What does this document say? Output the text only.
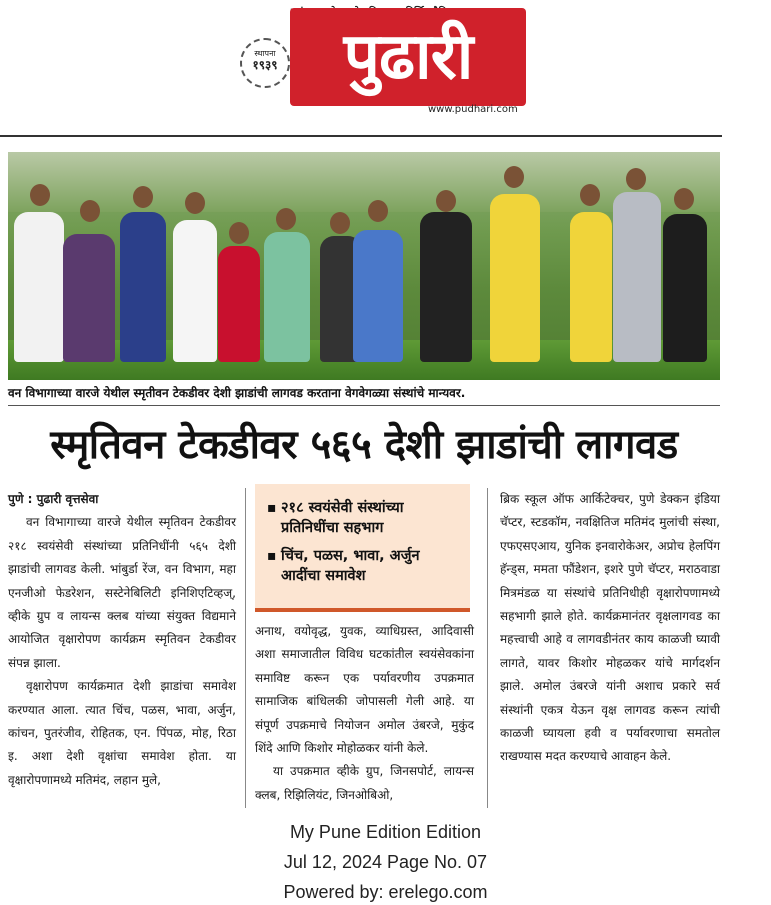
स्थापना
१९३९	पुढारी
www.pudhari.com
वन विभागाच्या वारजे येथील स्मृतीवन टेकडीवर देशी झाडांची लागवड करताना वेगवेगळ्या संस्थांचे मान्यवर.
स्मृतिवन टेकडीवर ५६५ देशी झाडांची लागवड

पुणे : पुढारी वृत्तसेवा

वन विभागाच्या वारजे येथील स्मृतिवन टेकडीवर २१८ स्वयंसेवी संस्थांच्या प्रतिनिधींनी ५६५ देशी झाडांची लागवड केली. भांबुर्डा रेंज, वन विभाग, महा एनजीओ फेडरेशन, सस्टेनेबिलिटी इनिशिएटिव्हज्, व्हीके ग्रुप व लायन्स क्लब यांच्या संयुक्त विद्यमाने आयोजित वृक्षारोपण कार्यक्रम स्मृतिवन टेकडीवर संपन्न झाला.

वृक्षारोपण कार्यक्रमात देशी झाडांचा समावेश करण्यात आला. त्यात चिंच, पळस, भावा, अर्जुन, कांचन, पुतरंजीव, रोहितक, एन. पिंपळ, मोह, रिठा इ. अशा देशी वृक्षांचा समावेश होता. या वृक्षारोपणामध्ये मतिमंद, लहान मुले,

▪ २१८ स्वयंसेवी संस्थांच्या प्रतिनिधींचा सहभाग
▪ चिंच, पळस, भावा, अर्जुन आदींचा समावेश

अनाथ, वयोवृद्ध, युवक, व्याधिग्रस्त, आदिवासी अशा समाजातील विविध घटकांतील स्वयंसेवकांना समाविष्ट करून एक पर्यावरणीय उपक्रमात सामाजिक बांधिलकी जोपासली गेली आहे. या संपूर्ण उपक्रमाचे नियोजन अमोल उंबरजे, मुकुंद शिंदे आणि किशोर मोहोळकर यांनी केले.

या उपक्रमात व्हीके ग्रुप, जिनसपोर्ट, लायन्स क्लब, रिझिलियंट, जिनओबिओ,

ब्रिक स्कूल ऑफ आर्किटेक्चर, पुणे डेक्कन इंडिया चॅप्टर, स्टडकॉम, नवक्षितिज मतिमंद मुलांची संस्था, एफएसएआय, युनिक इनवारोकेअर, अप्रोच हेलपिंग हॅन्ड्स, ममता फौंडेशन, इशरे पुणे चॅप्टर, मराठवाडा मित्रमंडळ या संस्थांचे प्रतिनिधीही वृक्षारोपणामध्ये सहभागी झाले होते. कार्यक्रमानंतर वृक्षलागवड का महत्त्वाची आहे व लागवडीनंतर काय काळजी घ्यावी लागते, यावर किशोर मोहळकर यांचे मार्गदर्शन झाले. अमोल उंबरजे यांनी अशाच प्रकारे सर्व संस्थांनी एकत्र येऊन वृक्ष लागवड करून त्यांची काळजी घ्यायला हवी व पर्यावरणाचा समतोल राखण्यास मदत करण्याचे आवाहन केले.

My Pune Edition Edition
Jul 12, 2024 Page No. 07
Powered by: erelego.com
